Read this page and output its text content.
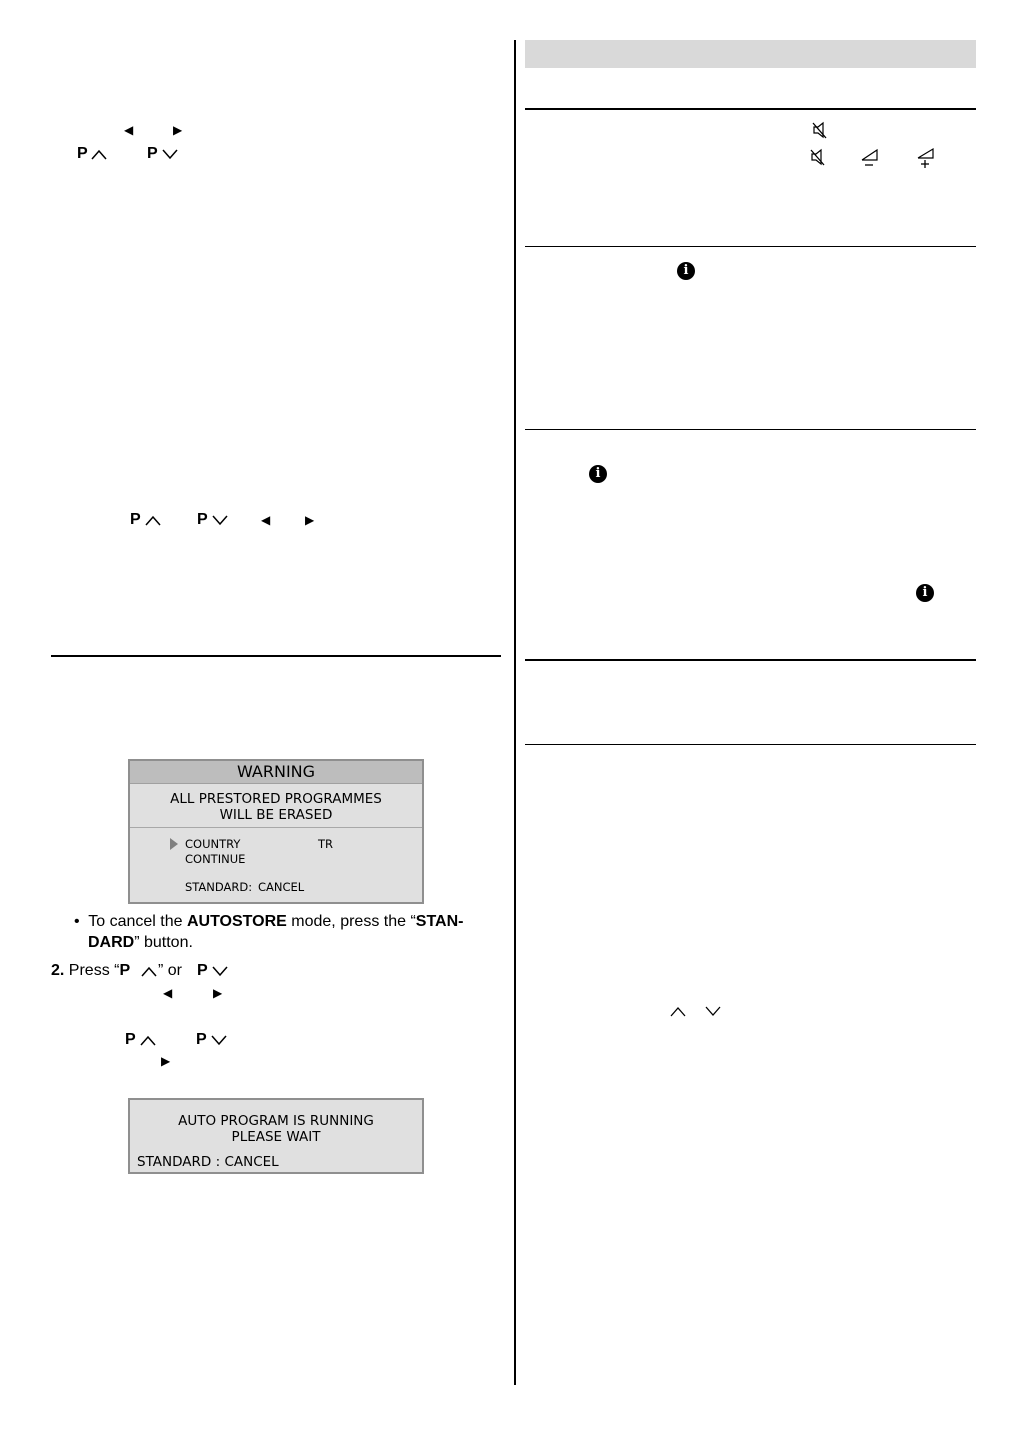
◀	▶
P	P
P	P	◀	▶
WARNING
ALL PRESTORED PROGRAMMES
WILL BE ERASED
COUNTRY	TR
CONTINUE
STANDARD: CANCEL
• To cancel the AUTOSTORE mode, press the “STAN-
DARD” button.
2. Press “P ” or P
◀	▶
P	P
▶
AUTO PROGRAM IS RUNNING
PLEASE WAIT
STANDARD : CANCEL
i
i
i
